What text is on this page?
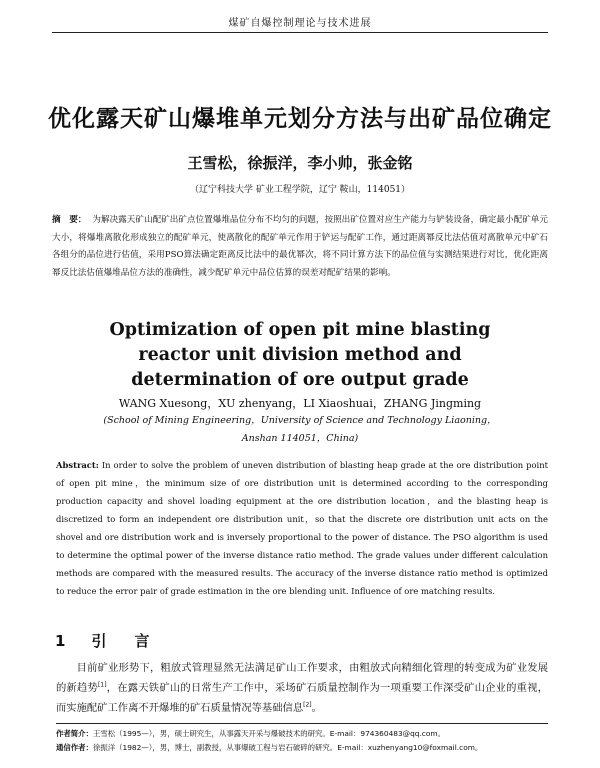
煤矿自爆控制理论与技术进展
优化露天矿山爆堆单元划分方法与出矿品位确定
王雪松，徐振洋，李小帅，张金铭
（辽宁科技大学 矿业工程学院，辽宁 鞍山，114051）
摘　要： 为解决露天矿山配矿出矿点位置爆堆品位分布不均匀的问题，按照出矿位置对应生产能力与铲装设备，确定最小配矿单元大小，将爆堆离散化形成独立的配矿单元，使离散化的配矿单元作用于铲运与配矿工作，通过距离幂反比法估值对离散单元中矿石各组分的品位进行估值，采用PSO算法确定距离反比法中的最优幂次，将不同计算方法下的品位值与实测结果进行对比，优化距离幂反比法估值爆堆品位方法的准确性，减少配矿单元中品位估算的误差对配矿结果的影响。
Optimization of open pit mine blasting
reactor unit division method and
determination of ore output grade
WANG Xuesong，XU zhenyang，LI Xiaoshuai，ZHANG Jingming
(School of Mining Engineering，University of Science and Technology Liaoning，
Anshan 114051，China)
Abstract: In order to solve the problem of uneven distribution of blasting heap grade at the ore distribution point of open pit mine，the minimum size of ore distribution unit is determined according to the corresponding production capacity and shovel loading equipment at the ore distribution location，and the blasting heap is discretized to form an independent ore distribution unit，so that the discrete ore distribution unit acts on the shovel and ore distribution work and is inversely proportional to the power of distance. The PSO algorithm is used to determine the optimal power of the inverse distance ratio method. The grade values under different calculation methods are compared with the measured results. The accuracy of the inverse distance ratio method is optimized to reduce the error pair of grade estimation in the ore blending unit. Influence of ore matching results.
1 引言
目前矿业形势下，粗放式管理显然无法满足矿山工作要求，由粗放式向精细化管理的转变成为矿业发展的新趋势[1]，在露天铁矿山的日常生产工作中，采场矿石质量控制作为一项重要工作深受矿山企业的重视，而实施配矿工作离不开爆堆的矿石质量情况等基础信息[2]。
作者简介：王雪松（1995—），男，硕士研究生，从事露天开采与爆破技术的研究。E-mail：974360483@qq.com。
通信作者：徐振洋（1982—），男，博士，副教授，从事爆破工程与岩石破碎的研究。E-mail：xuzhenyang10@foxmail.com。
